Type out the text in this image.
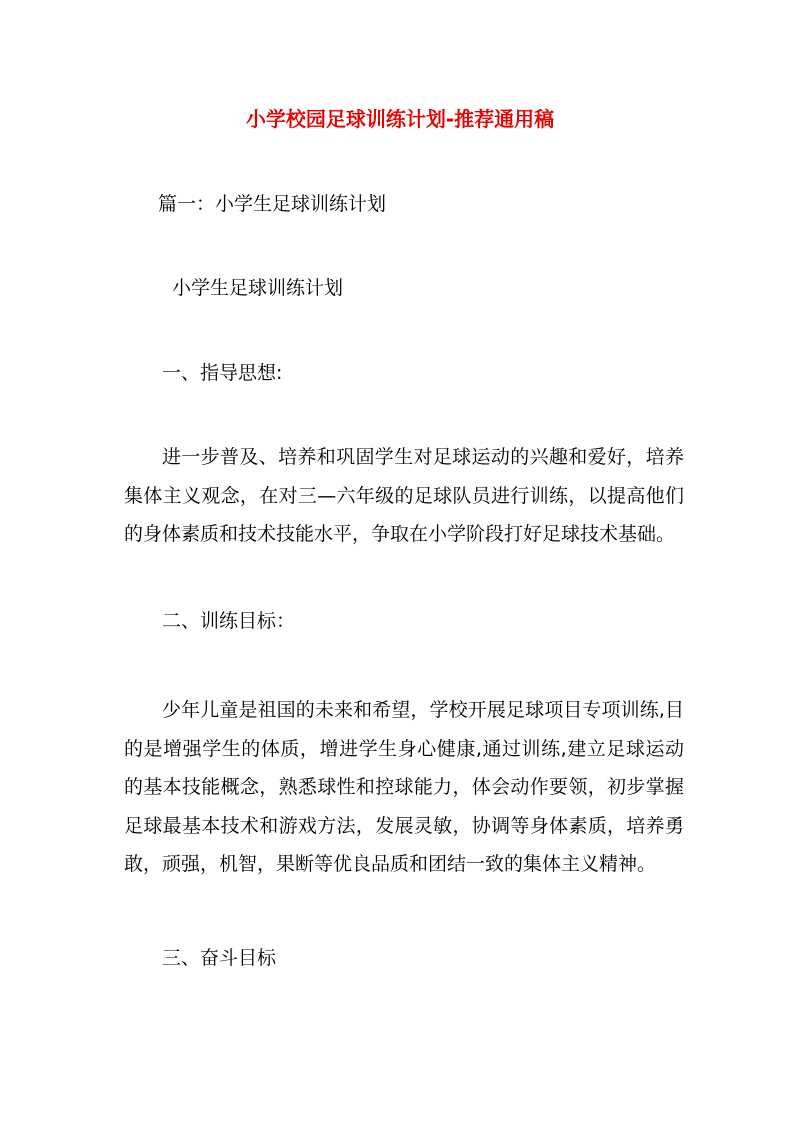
小学校园足球训练计划-推荐通用稿

篇一：小学生足球训练计划

小学生足球训练计划

一、指导思想:

进一步普及、培养和巩固学生对足球运动的兴趣和爱好，培养集体主义观念，在对三—六年级的足球队员进行训练，以提高他们的身体素质和技术技能水平，争取在小学阶段打好足球技术基础。

二、训练目标：

少年儿童是祖国的未来和希望，学校开展足球项目专项训练,目的是增强学生的体质，增进学生身心健康,通过训练,建立足球运动的基本技能概念，熟悉球性和控球能力，体会动作要领，初步掌握足球最基本技术和游戏方法，发展灵敏，协调等身体素质，培养勇敢，顽强，机智，果断等优良品质和团结一致的集体主义精神。

三、奋斗目标
